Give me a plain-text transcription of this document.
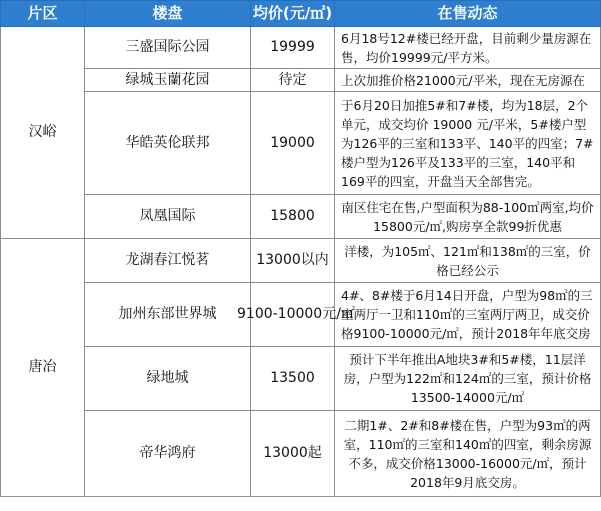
片区	楼盘	均价(元/㎡)	在售动态
汉峪	三盛国际公园	19999	6月18号12#楼已经开盘，目前剩少量房源在售，均价19999元/平方米。
	绿城玉蘭花园	待定	上次加推价格21000元/平米，现在无房源在
	华皓英伦联邦	19000	于6月20日加推5#和7#楼，均为18层，2个单元，成交均价 19000 元/平米，5#楼户型为126平的三室和133平、140平的四室；7#楼户型为126平及133平的三室，140平和169平的四室，开盘当天全部售完。
	凤凰国际	15800	南区住宅在售,户型面积为88-100㎡两室,均价15800元/㎡,购房享全款99折优惠
唐冶	龙湖春江悦茗	13000以内	洋楼，为105㎡、121㎡和138㎡的三室，价格已经公示
	加州东部世界城	9100-10000元/㎡	4#、8#楼于6月14日开盘，户型为98㎡的三室两厅一卫和110㎡的三室两厅两卫，成交价格9100-10000元/㎡，预计2018年年底交房
	绿地城	13500	预计下半年推出A地块3#和5#楼，11层洋房，户型为122㎡和124㎡的三室，预计价格13500-14000元/㎡
	帝华鸿府	13000起	二期1#、2#和8#楼在售，户型为93㎡的两室，110㎡的三室和140㎡的四室，剩余房源不多，成交价格13000-16000元/㎡，预计2018年9月底交房。
